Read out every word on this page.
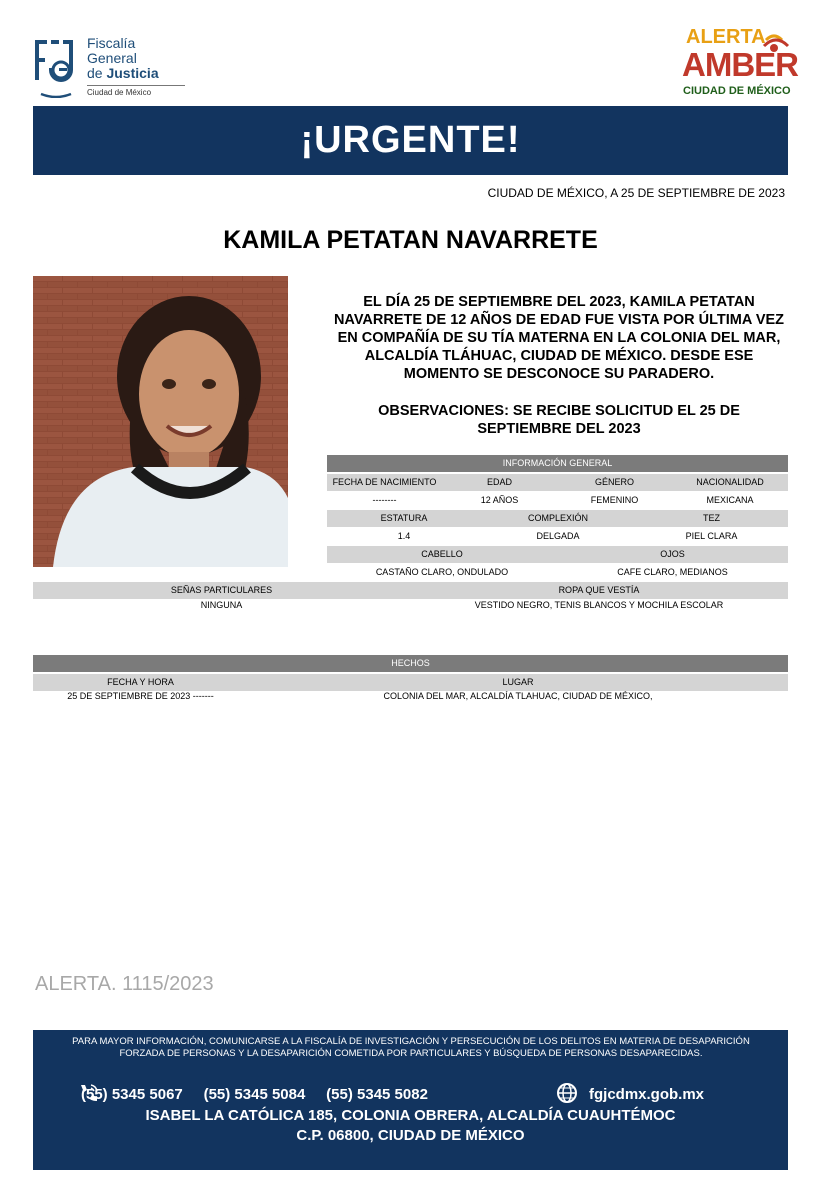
Fiscalía
General
de Justicia
Ciudad de México
ALERTA
AMBER
CIUDAD DE MÉXICO
¡URGENTE!
CIUDAD DE MÉXICO, A 25 DE SEPTIEMBRE DE 2023
KAMILA PETATAN NAVARRETE
EL DÍA 25 DE SEPTIEMBRE DEL 2023, KAMILA PETATAN NAVARRETE DE 12 AÑOS DE EDAD FUE VISTA POR ÚLTIMA VEZ EN COMPAÑÍA DE SU TÍA MATERNA EN LA COLONIA DEL MAR, ALCALDÍA TLÁHUAC, CIUDAD DE MÉXICO. DESDE ESE MOMENTO SE DESCONOCE SU PARADERO.
OBSERVACIONES: SE RECIBE SOLICITUD EL 25 DE SEPTIEMBRE DEL 2023
INFORMACIÓN GENERAL
FECHA DE NACIMIENTO	EDAD	GÉNERO	NACIONALIDAD
--------	12 AÑOS	FEMENINO	MEXICANA
ESTATURA	COMPLEXIÓN	TEZ
1.4	DELGADA	PIEL CLARA
CABELLO	OJOS
CASTAÑO CLARO, ONDULADO	CAFE CLARO, MEDIANOS
SEÑAS PARTICULARES	ROPA QUE VESTÍA
NINGUNA	VESTIDO NEGRO, TENIS BLANCOS Y MOCHILA ESCOLAR
HECHOS
FECHA Y HORA	LUGAR
25 DE SEPTIEMBRE DE 2023 -------	COLONIA DEL MAR, ALCALDÍA TLAHUAC, CIUDAD DE MÉXICO,
ALERTA. 1115/2023
PARA MAYOR INFORMACIÓN, COMUNICARSE A LA FISCALÍA DE INVESTIGACIÓN Y PERSECUCIÓN DE LOS DELITOS EN MATERIA DE DESAPARICIÓN FORZADA DE PERSONAS Y LA DESAPARICIÓN COMETIDA POR PARTICULARES Y BÚSQUEDA DE PERSONAS DESAPARECIDAS.
(55) 5345 5067     (55) 5345 5084     (55) 5345 5082	fgjcdmx.gob.mx
ISABEL LA CATÓLICA 185, COLONIA OBRERA, ALCALDÍA CUAUHTÉMOC
C.P. 06800, CIUDAD DE MÉXICO
